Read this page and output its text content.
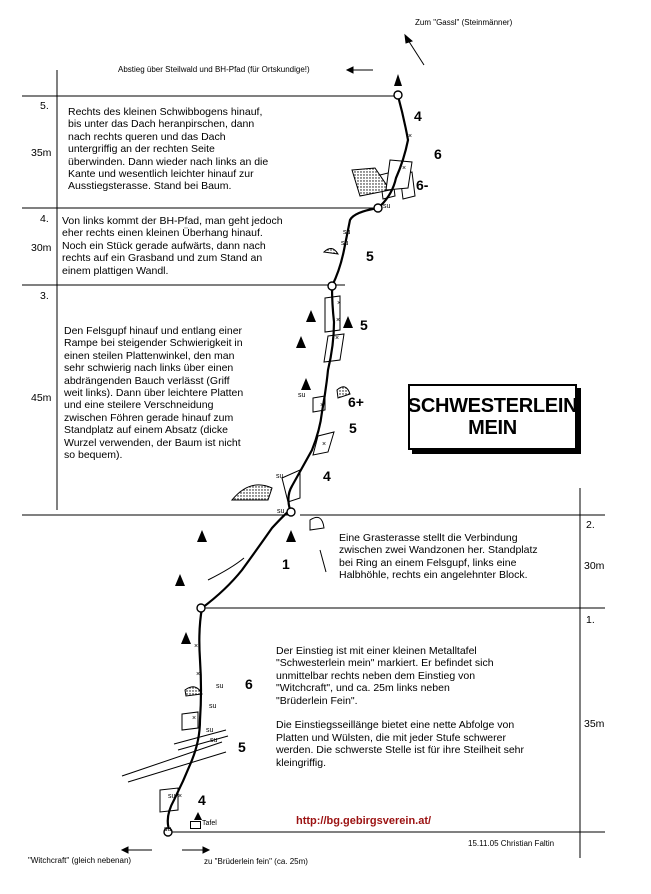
×
×
×
×
×
×
×
×
×
×
×
Zum "Gassl" (Steinmänner)
Abstieg über Steilwald und BH-Pfad (für Ortskundige!)
5.
35m
Rechts des kleinen Schwibbogens hinauf,
bis unter das Dach heranpirschen, dann
nach rechts queren und das Dach
untergriffig an der rechten Seite
überwinden. Dann wieder nach links an die
Kante und wesentlich leichter hinauf zur
Ausstiegsterasse. Stand bei Baum.
4.
30m
Von links kommt der BH-Pfad, man geht jedoch
eher rechts einen kleinen Überhang hinauf.
Noch ein Stück gerade aufwärts, dann nach
rechts auf ein Grasband und zum Stand an
einem plattigen Wandl.
3.
45m
Den Felsgupf hinauf und entlang einer
Rampe bei steigender Schwierigkeit in
einen steilen Plattenwinkel, den man
sehr schwierig nach links über einen
abdrängenden Bauch verlässt (Griff
weit links). Dann über leichtere Platten
und eine steilere Verschneidung
zwischen Föhren gerade hinauf zum
Standplatz auf einem Absatz (dicke
Wurzel verwenden, der Baum ist nicht
so bequem).
2.
30m
Eine Grasterasse stellt die Verbindung
zwischen zwei Wandzonen her. Standplatz
bei Ring an einem Felsgupf, links eine
Halbhöhle, rechts ein angelehnter Block.
1.
35m
Der Einstieg ist mit einer kleinen Metalltafel
"Schwesterlein mein" markiert. Er befindet sich
unmittelbar rechts neben dem Einstieg von
"Witchcraft", und ca. 25m links neben
"Brüderlein Fein".

Die Einstiegsseillänge bietet eine nette Abfolge von
Platten und Wülsten, die mit jeder Stufe schwerer
werden. Die schwerste Stelle ist für ihre Steilheit sehr
kleingriffig.
SCHWESTERLEIN
MEIN
4
6
6-
5
5
6+
5
4
1
6
5
4
su
su
su
su
su
su
su
su
su
su
su
su
Tafel
"Witchcraft" (gleich nebenan)	zu "Brüderlein fein" (ca. 25m)
http://bg.gebirgsverein.at/
15.11.05 Christian Faltin
